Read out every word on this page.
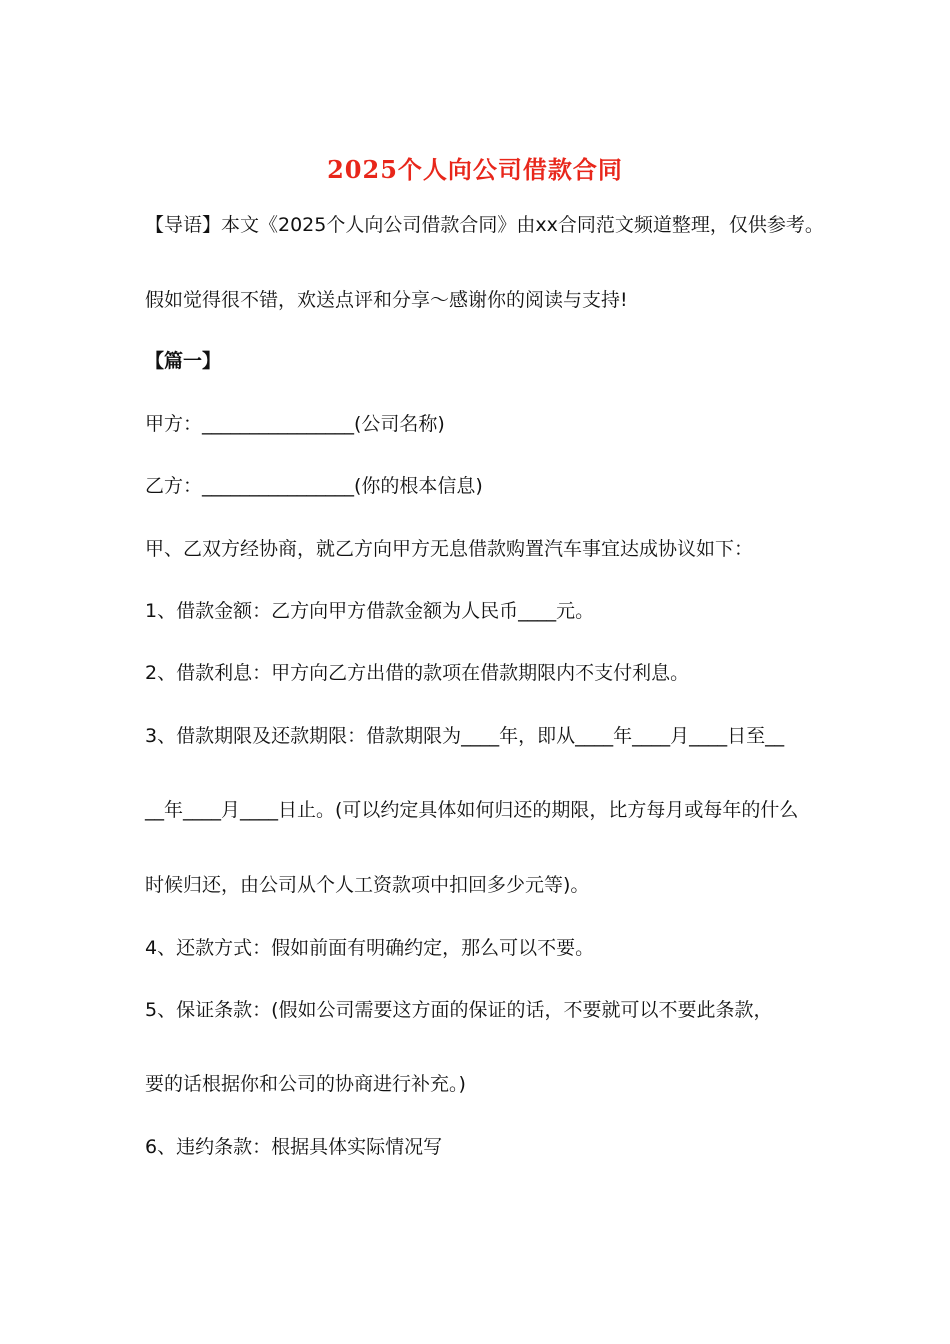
2025个人向公司借款合同

【导语】本文《2025个人向公司借款合同》由xx合同范文频道整理，仅供参考。

假如觉得很不错，欢送点评和分享～感谢你的阅读与支持!

【篇一】

甲方：________________(公司名称)

乙方：________________(你的根本信息)

甲、乙双方经协商，就乙方向甲方无息借款购置汽车事宜达成协议如下：

1、借款金额：乙方向甲方借款金额为人民币____元。

2、借款利息：甲方向乙方出借的款项在借款期限内不支付利息。

3、借款期限及还款期限：借款期限为____年，即从____年____月____日至__

__年____月____日止。(可以约定具体如何归还的期限，比方每月或每年的什么

时候归还，由公司从个人工资款项中扣回多少元等)。

4、还款方式：假如前面有明确约定，那么可以不要。

5、保证条款：(假如公司需要这方面的保证的话，不要就可以不要此条款，

要的话根据你和公司的协商进行补充。)

6、违约条款：根据具体实际情况写
